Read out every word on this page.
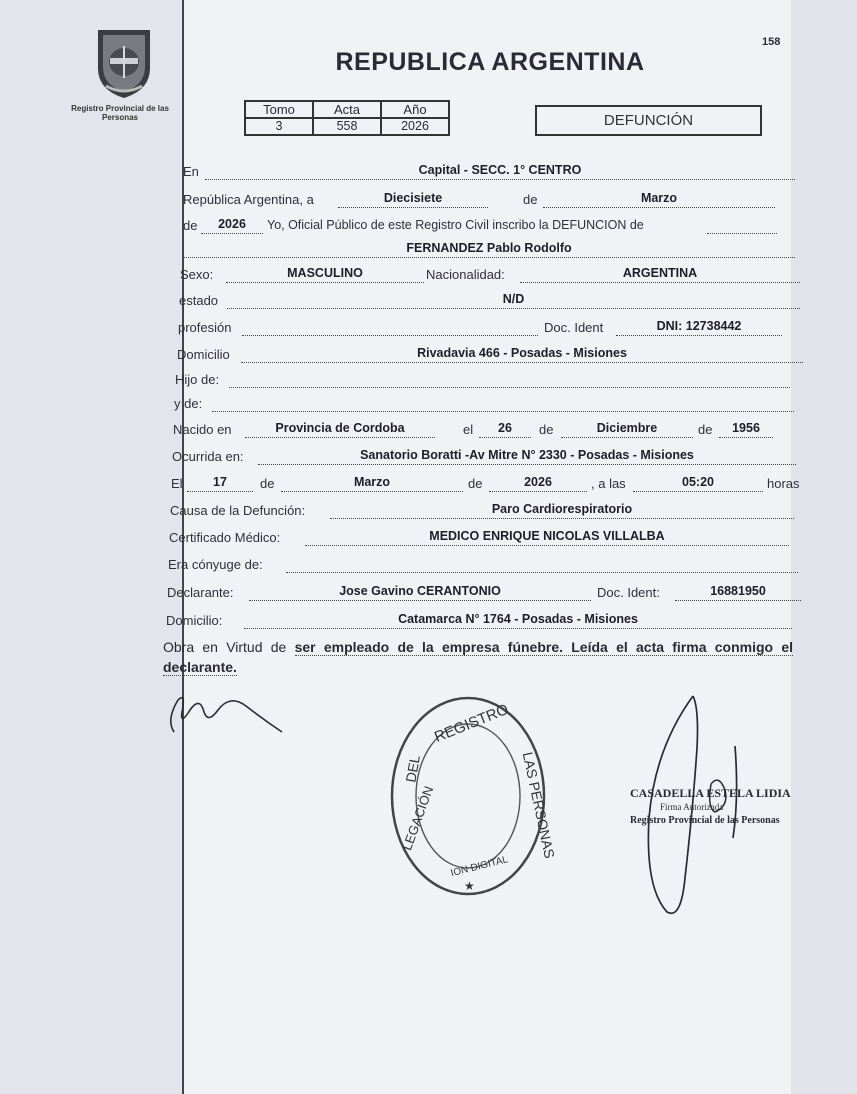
Registro Provincial de las Personas
158
REPUBLICA ARGENTINA
Tomo	Acta	Año
3	558	2026	DEFUNCIÓN
En	Capital - SECC. 1° CENTRO
República Argentina, a	Diecisiete	de	Marzo
de	2026	Yo, Oficial Público de este Registro Civil inscribo la DEFUNCION de
FERNANDEZ Pablo Rodolfo
Sexo:	MASCULINO	Nacionalidad:	ARGENTINA
estado	N/D
profesión	Doc. Ident	DNI: 12738442
Domicilio	Rivadavia 466 - Posadas - Misiones
Hijo de:
y de:
Nacido en	Provincia de Cordoba	el	26	de	Diciembre	de	1956
Ocurrida en:	Sanatorio Boratti -Av Mitre N° 2330 - Posadas - Misiones
El	17	de	Marzo	de	2026	, a las	05:20	horas
Causa de la Defunción:	Paro Cardiorespiratorio
Certificado Médico:	MEDICO ENRIQUE NICOLAS VILLALBA
Era cónyuge de:
Declarante:	Jose Gavino CERANTONIO	Doc. Ident:	16881950
Domicilio:	Catamarca N° 1764 - Posadas - Misiones
Obra en Virtud de ser empleado de la empresa fúnebre. Leída el acta firma conmigo el declarante.
REGISTRO
DEL	LAS PERSONAS
LEGACIÓN
ION DIGITAL
★
CASADELLA ESTELA LIDIA
Firma Autorizada
Registro Provincial de las Personas
